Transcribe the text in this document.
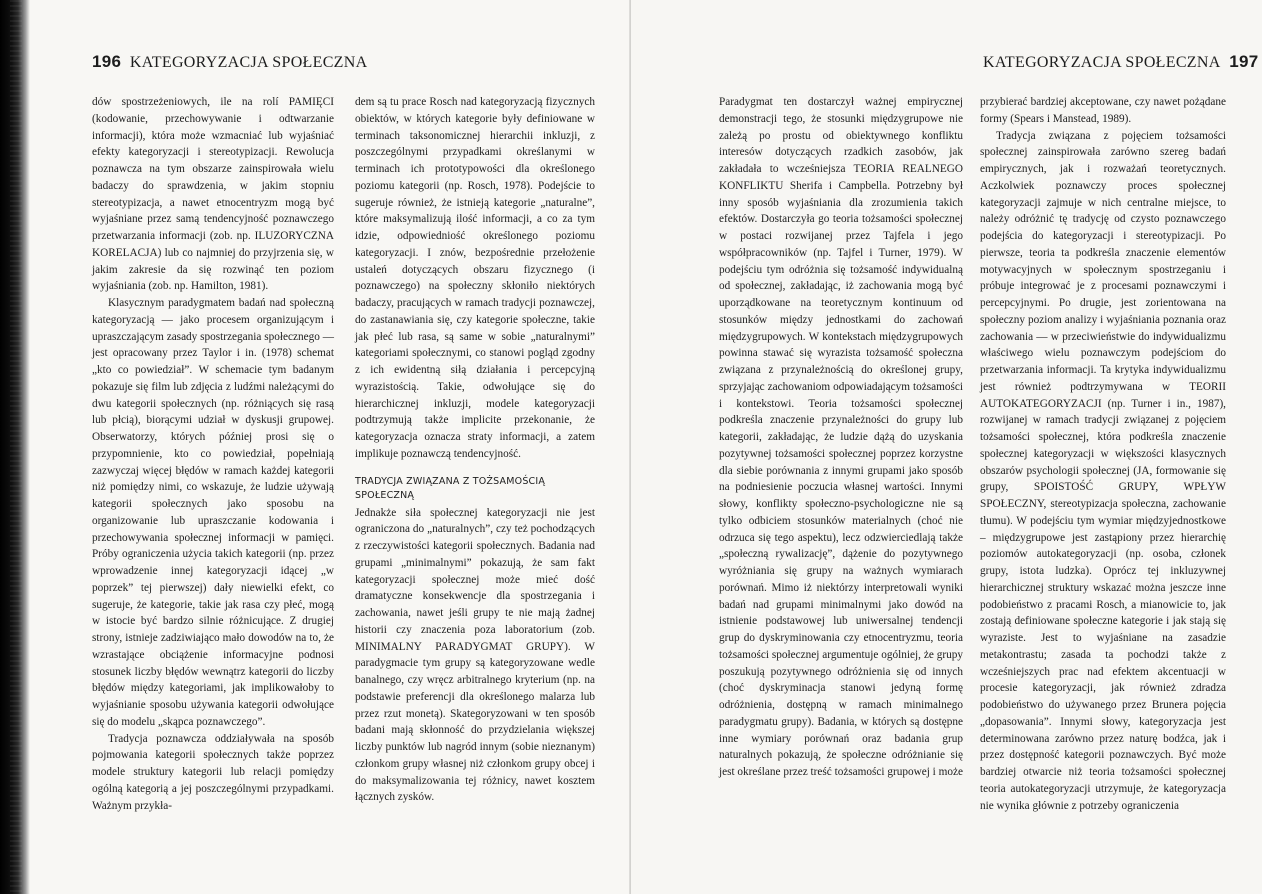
196 KATEGORYZACJA SPOŁECZNA

dów spostrzeżeniowych, ile na rolí PAMIĘCI (kodowanie, przechowywanie i odtwarzanie informacji), która może wzmacniać lub wyjaśniać efekty kategoryzacji i stereotypizacji. Rewolucja poznawcza na tym obszarze zainspirowała wielu badaczy do sprawdzenia, w jakim stopniu stereotypizacja, a nawet etnocentryzm mogą być wyjaśniane przez samą tendencyjność poznawczego przetwarzania informacji (zob. np. ILUZORYCZNA KORELACJA) lub co najmniej do przyjrzenia się, w jakim zakresie da się rozwinąć ten poziom wyjaśniania (zob. np. Hamilton, 1981).

Klasycznym paradygmatem badań nad społeczną kategoryzacją — jako procesem organizującym i upraszczającym zasady spostrzegania społecznego — jest opracowany przez Taylor i in. (1978) schemat „kto co powiedział”. W schemacie tym badanym pokazuje się film lub zdjęcia z ludźmi należącymi do dwu kategorii społecznych (np. różniących się rasą lub płcią), biorącymi udział w dyskusji grupowej. Obserwatorzy, których później prosi się o przypomnienie, kto co powiedział, popełniają zazwyczaj więcej błędów w ramach każdej kategorii niż pomiędzy nimi, co wskazuje, że ludzie używają kategorii społecznych jako sposobu na organizowanie lub upraszczanie kodowania i przechowywania społecznej informacji w pamięci. Próby ograniczenia użycia takich kategorii (np. przez wprowadzenie innej kategoryzacji idącej „w poprzek” tej pierwszej) dały niewielki efekt, co sugeruje, że kategorie, takie jak rasa czy płeć, mogą w istocie być bardzo silnie różnicujące. Z drugiej strony, istnieje zadziwiająco mało dowodów na to, że wzrastające obciążenie informacyjne podnosi stosunek liczby błędów wewnątrz kategorii do liczby błędów między kategoriami, jak implikowałoby to wyjaśnianie sposobu używania kategorii odwołujące się do modelu „skąpca poznawczego”.

Tradycja poznawcza oddziaływała na sposób pojmowania kategorii społecznych także poprzez modele struktury kategorii lub relacji pomiędzy ogólną kategorią a jej poszczególnymi przypadkami. Ważnym przykła-

dem są tu prace Rosch nad kategoryzacją fizycznych obiektów, w których kategorie były definiowane w terminach taksonomicznej hierarchii inkluzji, z poszczególnymi przypadkami określanymi w terminach ich prototypowości dla określonego poziomu kategorii (np. Rosch, 1978). Podejście to sugeruje również, że istnieją kategorie „naturalne”, które maksymalizują ilość informacji, a co za tym idzie, odpowiedniość określonego poziomu kategoryzacji. I znów, bezpośrednie przełożenie ustaleń dotyczących obszaru fizycznego (i poznawczego) na społeczny skłoniło niektórych badaczy, pracujących w ramach tradycji poznawczej, do zastanawiania się, czy kategorie społeczne, takie jak płeć lub rasa, są same w sobie „naturalnymi” kategoriami społecznymi, co stanowi pogląd zgodny z ich ewidentną siłą działania i percepcyjną wyrazistością. Takie, odwołujące się do hierarchicznej inkluzji, modele kategoryzacji podtrzymują także implicite przekonanie, że kategoryzacja oznacza straty informacji, a zatem implikuje poznawczą tendencyjność.

TRADYCJA ZWIĄZANA Z TOŻSAMOŚCIĄ
SPOŁECZNĄ

Jednakże siła społecznej kategoryzacji nie jest ograniczona do „naturalnych”, czy też pochodzących z rzeczywistości kategorii społecznych. Badania nad grupami „minimalnymi” pokazują, że sam fakt kategoryzacji społecznej może mieć dość dramatyczne konsekwencje dla spostrzegania i zachowania, nawet jeśli grupy te nie mają żadnej historii czy znaczenia poza laboratorium (zob. MINIMALNY PARADYGMAT GRUPY). W paradygmacie tym grupy są kategoryzowane wedle banalnego, czy wręcz arbitralnego kryterium (np. na podstawie preferencji dla określonego malarza lub przez rzut monetą). Skategoryzowani w ten sposób badani mają skłonność do przydzielania większej liczby punktów lub nagród innym (sobie nieznanym) członkom grupy własnej niż członkom grupy obcej i do maksymalizowania tej różnicy, nawet kosztem łącznych zysków.

KATEGORYZACJA SPOŁECZNA 197

Paradygmat ten dostarczył ważnej empirycznej demonstracji tego, że stosunki międzygrupowe nie zależą po prostu od obiektywnego konfliktu interesów dotyczących rzadkich zasobów, jak zakładała to wcześniejsza TEORIA REALNEGO KONFLIKTU Sherifa i Campbella. Potrzebny był inny sposób wyjaśniania dla zrozumienia takich efektów. Dostarczyła go teoria tożsamości społecznej w postaci rozwijanej przez Tajfela i jego współpracowników (np. Tajfel i Turner, 1979). W podejściu tym odróżnia się tożsamość indywidualną od społecznej, zakładając, iż zachowania mogą być uporządkowane na teoretycznym kontinuum od stosunków między jednostkami do zachowań międzygrupowych. W kontekstach międzygrupowych powinna stawać się wyrazista tożsamość społeczna związana z przynależnością do określonej grupy, sprzyjając zachowaniom odpowiadającym tożsamości i kontekstowi. Teoria tożsamości społecznej podkreśla znaczenie przynależności do grupy lub kategorii, zakładając, że ludzie dążą do uzyskania pozytywnej tożsamości społecznej poprzez korzystne dla siebie porównania z innymi grupami jako sposób na podniesienie poczucia własnej wartości. Innymi słowy, konflikty społeczno-psychologiczne nie są tylko odbiciem stosunków materialnych (choć nie odrzuca się tego aspektu), lecz odzwierciedlają także „społeczną rywalizację”, dążenie do pozytywnego wyróżniania się grupy na ważnych wymiarach porównań. Mimo iż niektórzy interpretowali wyniki badań nad grupami minimalnymi jako dowód na istnienie podstawowej lub uniwersalnej tendencji grup do dyskryminowania czy etnocentryzmu, teoria tożsamości społecznej argumentuje ogólniej, że grupy poszukują pozytywnego odróżnienia się od innych (choć dyskryminacja stanowi jedyną formę odróżnienia, dostępną w ramach minimalnego paradygmatu grupy). Badania, w których są dostępne inne wymiary porównań oraz badania grup naturalnych pokazują, że społeczne odróżnianie się jest określane przez treść tożsamości grupowej i może

przybierać bardziej akceptowane, czy nawet pożądane formy (Spears i Manstead, 1989).

Tradycja związana z pojęciem tożsamości społecznej zainspirowała zarówno szereg badań empirycznych, jak i rozważań teoretycznych. Aczkolwiek poznawczy proces społecznej kategoryzacji zajmuje w nich centralne miejsce, to należy odróżnić tę tradycję od czysto poznawczego podejścia do kategoryzacji i stereotypizacji. Po pierwsze, teoria ta podkreśla znaczenie elementów motywacyjnych w społecznym spostrzeganiu i próbuje integrować je z procesami poznawczymi i percepcyjnymi. Po drugie, jest zorientowana na społeczny poziom analizy i wyjaśniania poznania oraz zachowania — w przeciwieństwie do indywidualizmu właściwego wielu poznawczym podejściom do przetwarzania informacji. Ta krytyka indywidualizmu jest również podtrzymywana w TEORII AUTOKATEGORYZACJI (np. Turner i in., 1987), rozwijanej w ramach tradycji związanej z pojęciem tożsamości społecznej, która podkreśla znaczenie społecznej kategoryzacji w większości klasycznych obszarów psychologii społecznej (JA, formowanie się grupy, SPOISTOŚĆ GRUPY, WPŁYW SPOŁECZNY, stereotypizacja społeczna, zachowanie tłumu). W podejściu tym wymiar międzyjednostkowe – międzygrupowe jest zastąpiony przez hierarchię poziomów autokategoryzacji (np. osoba, członek grupy, istota ludzka). Oprócz tej inkluzywnej hierarchicznej struktury wskazać można jeszcze inne podobieństwo z pracami Rosch, a mianowicie to, jak zostają definiowane społeczne kategorie i jak stają się wyraziste. Jest to wyjaśniane na zasadzie metakontrastu; zasada ta pochodzi także z wcześniejszych prac nad efektem akcentuacji w procesie kategoryzacji, jak również zdradza podobieństwo do używanego przez Brunera pojęcia „dopasowania”. Innymi słowy, kategoryzacja jest determinowana zarówno przez naturę bodźca, jak i przez dostępność kategorii poznawczych. Być może bardziej otwarcie niż teoria tożsamości społecznej teoria autokategoryzacji utrzymuje, że kategoryzacja nie wynika głównie z potrzeby ograniczenia
